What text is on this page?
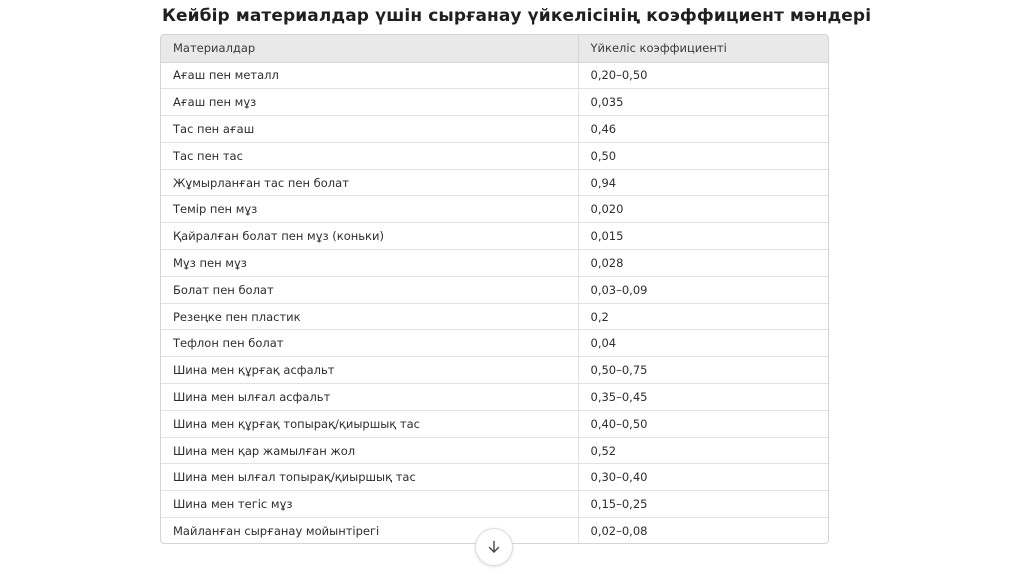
Кейбір материалдар үшін сырғанау үйкелісінің коэффициент мәндері
Материалдар	Үйкеліс коэффициенті
Ағаш пен металл	0,20–0,50
Ағаш пен мұз	0,035
Тас пен ағаш	0,46
Тас пен тас	0,50
Жұмырланған тас пен болат	0,94
Темір пен мұз	0,020
Қайралған болат пен мұз (коньки)	0,015
Мұз пен мұз	0,028
Болат пен болат	0,03–0,09
Резеңке пен пластик	0,2
Тефлон пен болат	0,04
Шина мен құрғақ асфальт	0,50–0,75
Шина мен ылғал асфальт	0,35–0,45
Шина мен құрғақ топырақ/қиыршық тас	0,40–0,50
Шина мен қар жамылған жол	0,52
Шина мен ылғал топырақ/қиыршық тас	0,30–0,40
Шина мен тегіс мұз	0,15–0,25
Майланған сырғанау мойынтірегі	0,02–0,08
